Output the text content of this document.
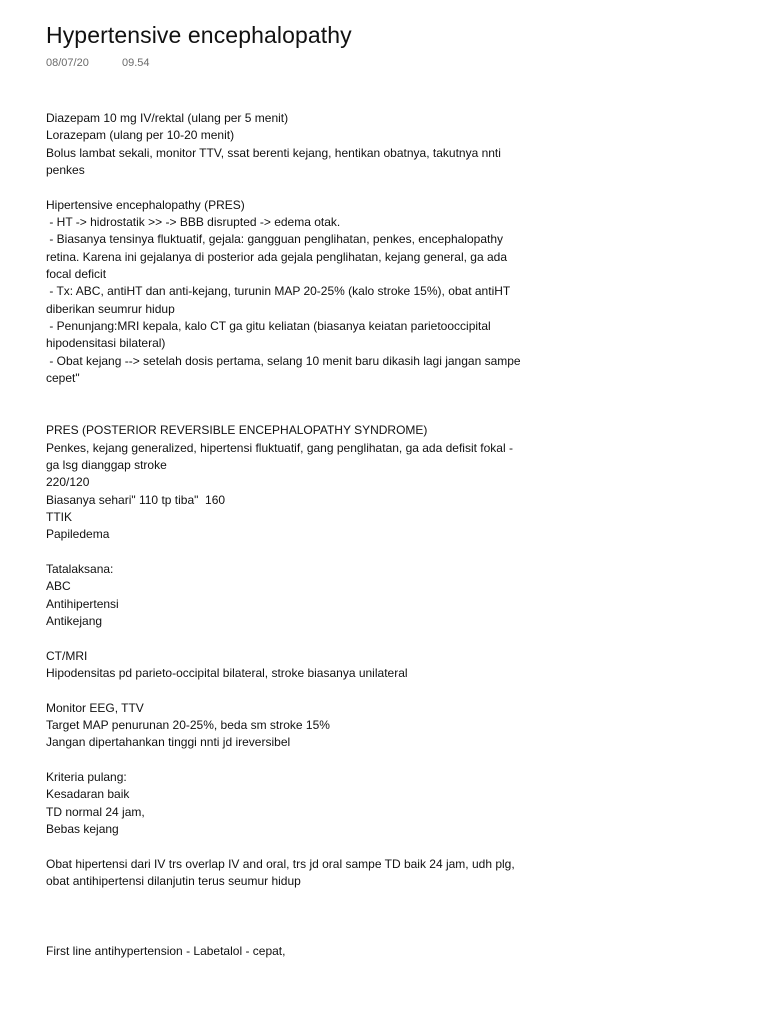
Hypertensive encephalopathy
08/07/20	09.54
Diazepam 10 mg IV/rektal (ulang per 5 menit)
Lorazepam (ulang per 10-20 menit)
Bolus lambat sekali, monitor TTV, ssat berenti kejang, hentikan obatnya, takutnya nnti
penkes
Hipertensive encephalopathy (PRES)
- HT -> hidrostatik >> -> BBB disrupted -> edema otak.
- Biasanya tensinya fluktuatif, gejala: gangguan penglihatan, penkes, encephalopathy
retina. Karena ini gejalanya di posterior ada gejala penglihatan, kejang general, ga ada
focal deficit
- Tx: ABC, antiHT dan anti-kejang, turunin MAP 20-25% (kalo stroke 15%), obat antiHT
diberikan seumrur hidup
- Penunjang:MRI kepala, kalo CT ga gitu keliatan (biasanya keiatan parietooccipital
hipodensitasi bilateral)
- Obat kejang --> setelah dosis pertama, selang 10 menit baru dikasih lagi jangan sampe
cepet"
PRES (POSTERIOR REVERSIBLE ENCEPHALOPATHY SYNDROME)
Penkes, kejang generalized, hipertensi fluktuatif, gang penglihatan, ga ada defisit fokal -
ga lsg dianggap stroke
220/120
Biasanya sehari" 110 tp tiba"  160
TTIK
Papiledema
Tatalaksana:
ABC
Antihipertensi
Antikejang
CT/MRI
Hipodensitas pd parieto-occipital bilateral, stroke biasanya unilateral
Monitor EEG, TTV
Target MAP penurunan 20-25%, beda sm stroke 15%
Jangan dipertahankan tinggi nnti jd ireversibel
Kriteria pulang:
Kesadaran baik
TD normal 24 jam,
Bebas kejang
Obat hipertensi dari IV trs overlap IV and oral, trs jd oral sampe TD baik 24 jam, udh plg,
obat antihipertensi dilanjutin terus seumur hidup
First line antihypertension - Labetalol - cepat,
